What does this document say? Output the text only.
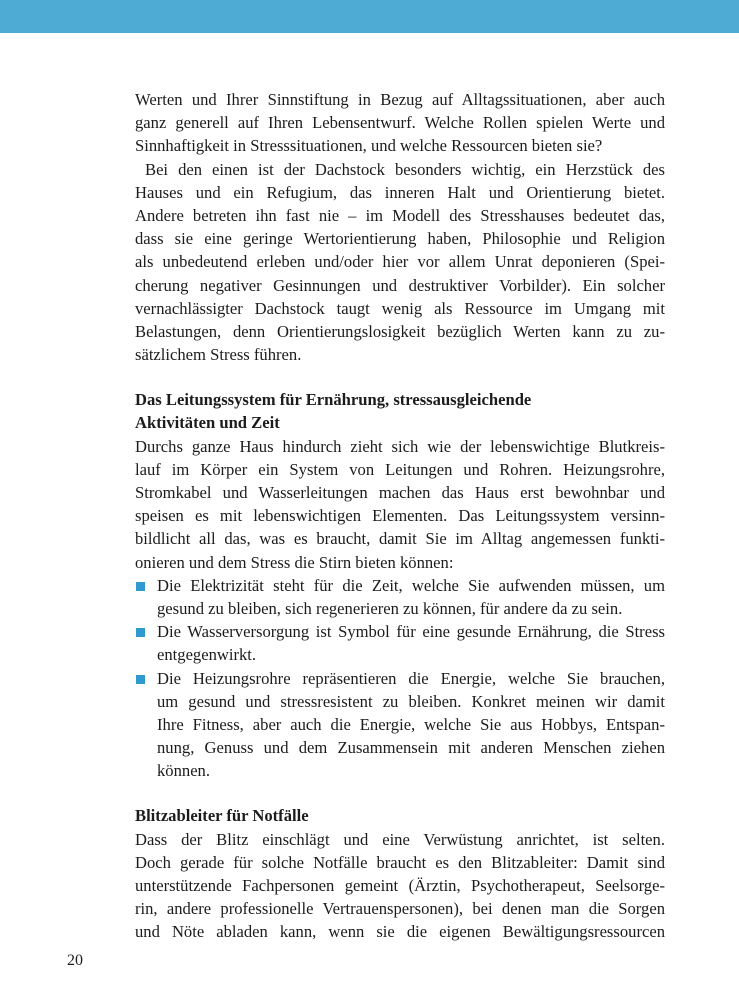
Werten und Ihrer Sinnstiftung in Bezug auf Alltagssituationen, aber auch
ganz generell auf Ihren Lebensentwurf. Welche Rollen spielen Werte und
Sinnhaftigkeit in Stresssituationen, und welche Ressourcen bieten sie?
Bei den einen ist der Dachstock besonders wichtig, ein Herzstück des
Hauses und ein Refugium, das inneren Halt und Orientierung bietet.
Andere betreten ihn fast nie – im Modell des Stresshauses bedeutet das,
dass sie eine geringe Wertorientierung haben, Philosophie und Religion
als unbedeutend erleben und/oder hier vor allem Unrat deponieren (Spei-
cherung negativer Gesinnungen und destruktiver Vorbilder). Ein solcher
vernachlässigter Dachstock taugt wenig als Ressource im Umgang mit
Belastungen, denn Orientierungslosigkeit bezüglich Werten kann zu zu-
sätzlichem Stress führen.
Das Leitungssystem für Ernährung, stressausgleichende
Aktivitäten und Zeit
Durchs ganze Haus hindurch zieht sich wie der lebenswichtige Blutkreis-
lauf im Körper ein System von Leitungen und Rohren. Heizungsrohre,
Stromkabel und Wasserleitungen machen das Haus erst bewohnbar und
speisen es mit lebenswichtigen Elementen. Das Leitungssystem versinn-
bildlicht all das, was es braucht, damit Sie im Alltag angemessen funkti-
onieren und dem Stress die Stirn bieten können:
Die Elektrizität steht für die Zeit, welche Sie aufwenden müssen, um
gesund zu bleiben, sich regenerieren zu können, für andere da zu sein.
Die Wasserversorgung ist Symbol für eine gesunde Ernährung, die Stress
entgegenwirkt.
Die Heizungsrohre repräsentieren die Energie, welche Sie brauchen,
um gesund und stressresistent zu bleiben. Konkret meinen wir damit
Ihre Fitness, aber auch die Energie, welche Sie aus Hobbys, Entspan-
nung, Genuss und dem Zusammensein mit anderen Menschen ziehen
können.
Blitzableiter für Notfälle
Dass der Blitz einschlägt und eine Verwüstung anrichtet, ist selten.
Doch gerade für solche Notfälle braucht es den Blitzableiter: Damit sind
unterstützende Fachpersonen gemeint (Ärztin, Psychotherapeut, Seelsorge-
rin, andere professionelle Vertrauenspersonen), bei denen man die Sorgen
und Nöte abladen kann, wenn sie die eigenen Bewältigungsressourcen
20
